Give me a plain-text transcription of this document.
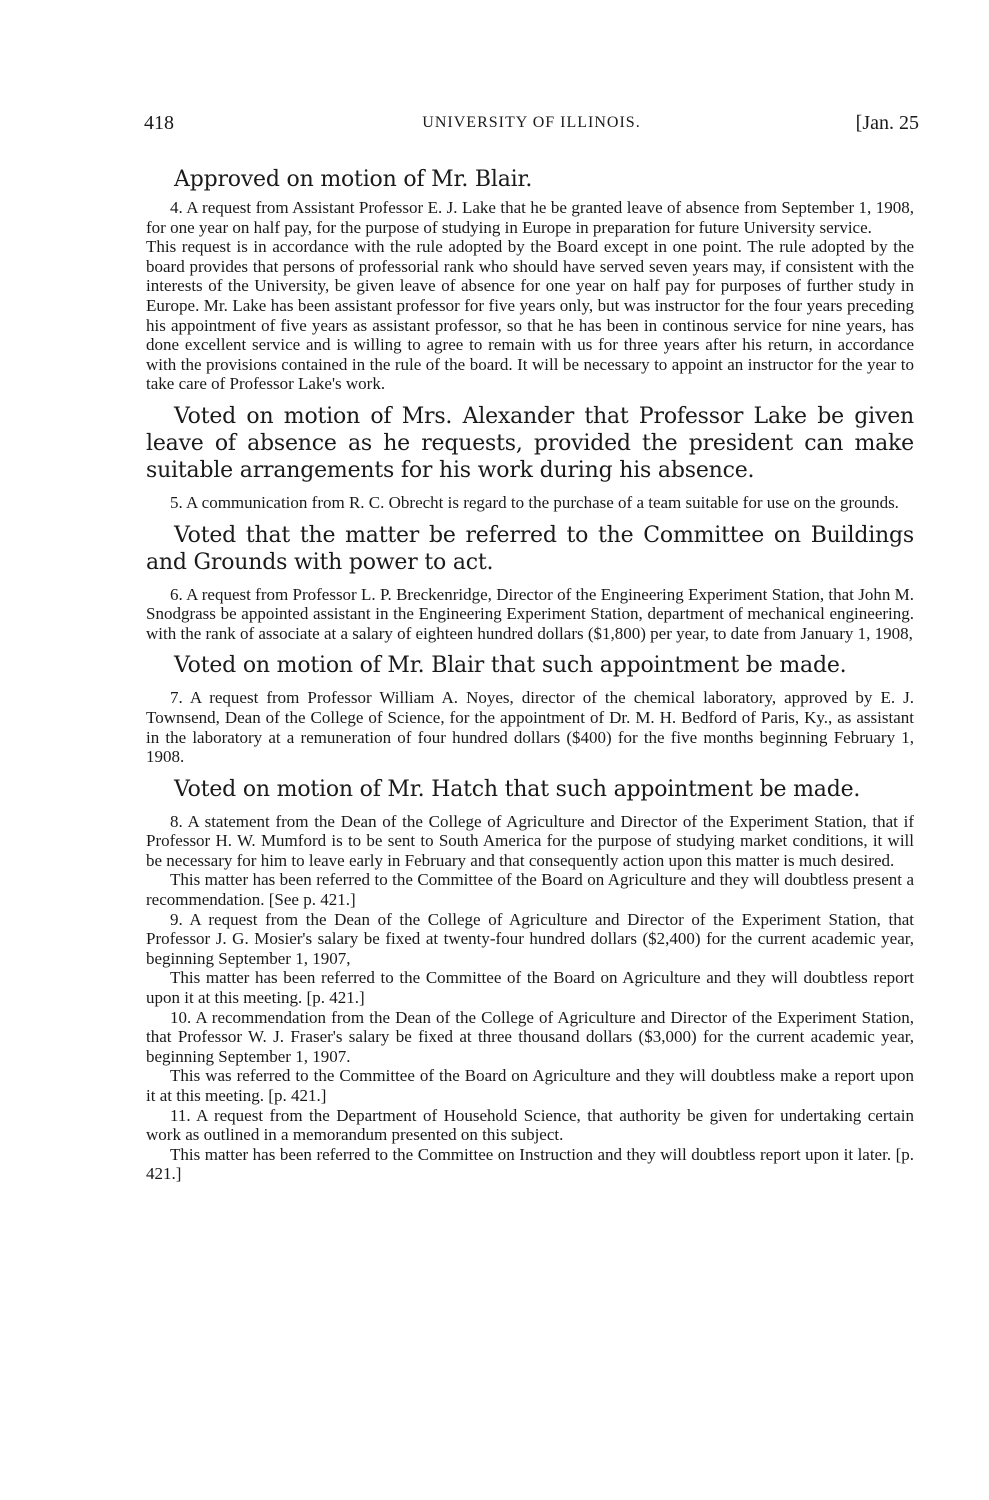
418	UNIVERSITY OF ILLINOIS.	[Jan. 25

Approved on motion of Mr. Blair.

4. A request from Assistant Professor E. J. Lake that he be granted leave of absence from September 1, 1908, for one year on half pay, for the purpose of studying in Europe in preparation for future University service.

This request is in accordance with the rule adopted by the Board except in one point. The rule adopted by the board provides that persons of professorial rank who should have served seven years may, if consistent with the interests of the University, be given leave of absence for one year on half pay for purposes of further study in Europe. Mr. Lake has been assistant professor for five years only, but was instructor for the four years preceding his appointment of five years as assistant professor, so that he has been in continous service for nine years, has done excellent service and is willing to agree to remain with us for three years after his return, in accordance with the provisions contained in the rule of the board. It will be necessary to appoint an instructor for the year to take care of Professor Lake's work.

Voted on motion of Mrs. Alexander that Professor Lake be given leave of absence as he requests, provided the president can make suitable arrangements for his work during his absence.

5. A communication from R. C. Obrecht is regard to the purchase of a team suitable for use on the grounds.

Voted that the matter be referred to the Committee on Buildings and Grounds with power to act.

6. A request from Professor L. P. Breckenridge, Director of the Engineering Experiment Station, that John M. Snodgrass be appointed assistant in the Engineering Experiment Station, department of mechanical engineering. with the rank of associate at a salary of eighteen hundred dollars ($1,800) per year, to date from January 1, 1908,

Voted on motion of Mr. Blair that such appointment be made.

7. A request from Professor William A. Noyes, director of the chemical laboratory, approved by E. J. Townsend, Dean of the College of Science, for the appointment of Dr. M. H. Bedford of Paris, Ky., as assistant in the laboratory at a remuneration of four hundred dollars ($400) for the five months beginning February 1, 1908.

Voted on motion of Mr. Hatch that such appointment be made.

8. A statement from the Dean of the College of Agriculture and Director of the Experiment Station, that if Professor H. W. Mumford is to be sent to South America for the purpose of studying market conditions, it will be necessary for him to leave early in February and that consequently action upon this matter is much desired.

This matter has been referred to the Committee of the Board on Agriculture and they will doubtless present a recommendation. [See p. 421.]

9. A request from the Dean of the College of Agriculture and Director of the Experiment Station, that Professor J. G. Mosier's salary be fixed at twenty-four hundred dollars ($2,400) for the current academic year, beginning September 1, 1907,

This matter has been referred to the Committee of the Board on Agriculture and they will doubtless report upon it at this meeting. [p. 421.]

10. A recommendation from the Dean of the College of Agriculture and Director of the Experiment Station, that Professor W. J. Fraser's salary be fixed at three thousand dollars ($3,000) for the current academic year, beginning September 1, 1907.

This was referred to the Committee of the Board on Agriculture and they will doubtless make a report upon it at this meeting. [p. 421.]

11. A request from the Department of Household Science, that authority be given for undertaking certain work as outlined in a memorandum presented on this subject.

This matter has been referred to the Committee on Instruction and they will doubtless report upon it later. [p. 421.]
